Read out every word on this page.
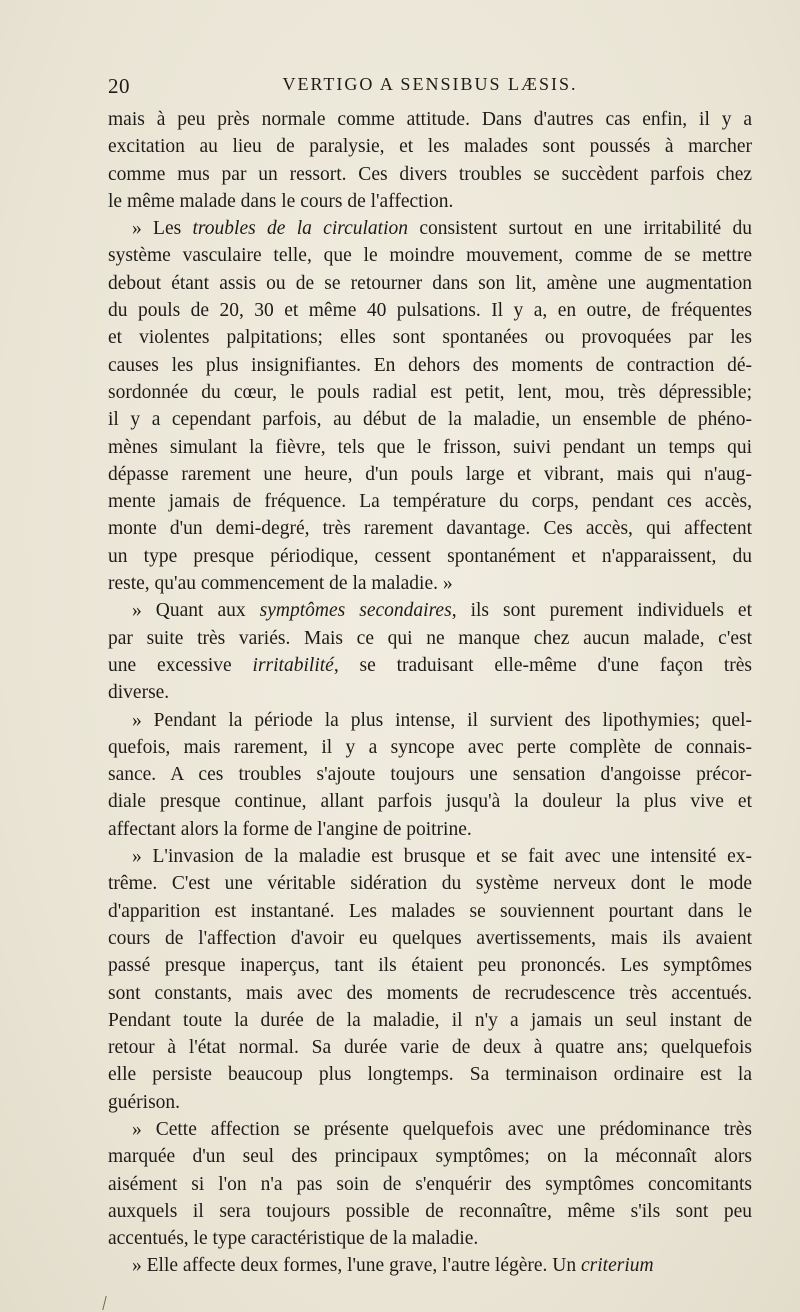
20	VERTIGO A SENSIBUS LÆSIS.
mais à peu près normale comme attitude. Dans d'autres cas enfin, il y a
excitation au lieu de paralysie, et les malades sont poussés à marcher
comme mus par un ressort. Ces divers troubles se succèdent parfois chez
le même malade dans le cours de l'affection.
» Les troubles de la circulation consistent surtout en une irritabilité du
système vasculaire telle, que le moindre mouvement, comme de se mettre
debout étant assis ou de se retourner dans son lit, amène une augmentation
du pouls de 20, 30 et même 40 pulsations. Il y a, en outre, de fréquentes
et violentes palpitations; elles sont spontanées ou provoquées par les
causes les plus insignifiantes. En dehors des moments de contraction dé-
sordonnée du cœur, le pouls radial est petit, lent, mou, très dépressible;
il y a cependant parfois, au début de la maladie, un ensemble de phéno-
mènes simulant la fièvre, tels que le frisson, suivi pendant un temps qui
dépasse rarement une heure, d'un pouls large et vibrant, mais qui n'aug-
mente jamais de fréquence. La température du corps, pendant ces accès,
monte d'un demi-degré, très rarement davantage. Ces accès, qui affectent
un type presque périodique, cessent spontanément et n'apparaissent, du
reste, qu'au commencement de la maladie. »
» Quant aux symptômes secondaires, ils sont purement individuels et
par suite très variés. Mais ce qui ne manque chez aucun malade, c'est
une excessive irritabilité, se traduisant elle-même d'une façon très
diverse.
» Pendant la période la plus intense, il survient des lipothymies; quel-
quefois, mais rarement, il y a syncope avec perte complète de connais-
sance. A ces troubles s'ajoute toujours une sensation d'angoisse précor-
diale presque continue, allant parfois jusqu'à la douleur la plus vive et
affectant alors la forme de l'angine de poitrine.
» L'invasion de la maladie est brusque et se fait avec une intensité ex-
trême. C'est une véritable sidération du système nerveux dont le mode
d'apparition est instantané. Les malades se souviennent pourtant dans le
cours de l'affection d'avoir eu quelques avertissements, mais ils avaient
passé presque inaperçus, tant ils étaient peu prononcés. Les symptômes
sont constants, mais avec des moments de recrudescence très accentués.
Pendant toute la durée de la maladie, il n'y a jamais un seul instant de
retour à l'état normal. Sa durée varie de deux à quatre ans; quelquefois
elle persiste beaucoup plus longtemps. Sa terminaison ordinaire est la
guérison.
» Cette affection se présente quelquefois avec une prédominance très
marquée d'un seul des principaux symptômes; on la méconnaît alors
aisément si l'on n'a pas soin de s'enquérir des symptômes concomitants
auxquels il sera toujours possible de reconnaître, même s'ils sont peu
accentués, le type caractéristique de la maladie.
» Elle affecte deux formes, l'une grave, l'autre légère. Un criterium
